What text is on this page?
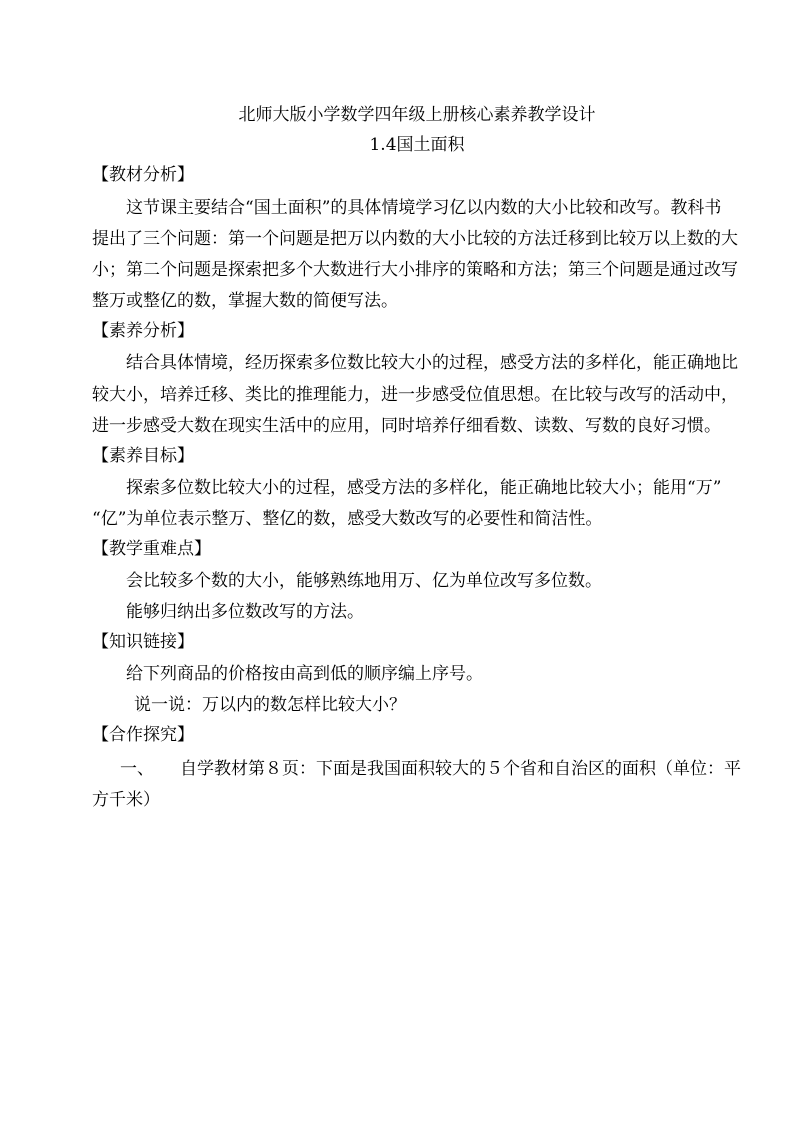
北师大版小学数学四年级上册核心素养教学设计
1.4国土面积
【教材分析】
这节课主要结合“国土面积”的具体情境学习亿以内数的大小比较和改写。教科书
提出了三个问题：第一个问题是把万以内数的大小比较的方法迁移到比较万以上数的大
小；第二个问题是探索把多个大数进行大小排序的策略和方法；第三个问题是通过改写
整万或整亿的数，掌握大数的简便写法。
【素养分析】
结合具体情境，经历探索多位数比较大小的过程，感受方法的多样化，能正确地比
较大小，培养迁移、类比的推理能力，进一步感受位值思想。在比较与改写的活动中，
进一步感受大数在现实生活中的应用，同时培养仔细看数、读数、写数的良好习惯。
【素养目标】
探索多位数比较大小的过程，感受方法的多样化，能正确地比较大小；能用“万”
“亿”为单位表示整万、整亿的数，感受大数改写的必要性和简洁性。
【教学重难点】
会比较多个数的大小，能够熟练地用万、亿为单位改写多位数。
能够归纳出多位数改写的方法。
【知识链接】
给下列商品的价格按由高到低的顺序编上序号。
说一说：万以内的数怎样比较大小？
【合作探究】
一、 自学教材第８页：下面是我国面积较大的５个省和自治区的面积（单位：平
方千米）
